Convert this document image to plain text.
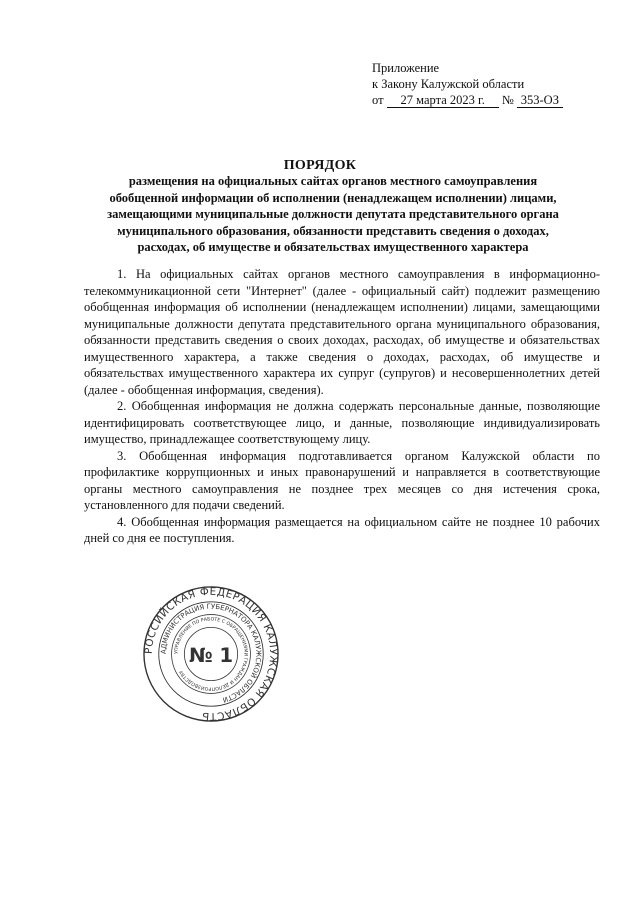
Приложение
к Закону Калужской области
от 27 марта 2023 г. № 353-ОЗ
ПОРЯДОК
размещения на официальных сайтах органов местного самоуправления обобщенной информации об исполнении (ненадлежащем исполнении) лицами, замещающими муниципальные должности депутата представительного органа муниципального образования, обязанности представить сведения о доходах, расходах, об имуществе и обязательствах имущественного характера

1. На официальных сайтах органов местного самоуправления в информационно-телекоммуникационной сети "Интернет" (далее - официальный сайт) подлежит размещению обобщенная информация об исполнении (ненадлежащем исполнении) лицами, замещающими муниципальные должности депутата представительного органа муниципального образования, обязанности представить сведения о своих доходах, расходах, об имуществе и обязательствах имущественного характера, а также сведения о доходах, расходах, об имуществе и обязательствах имущественного характера их супруг (супругов) и несовершеннолетних детей (далее - обобщенная информация, сведения).

2. Обобщенная информация не должна содержать персональные данные, позволяющие идентифицировать соответствующее лицо, и данные, позволяющие индивидуализировать имущество, принадлежащее соответствующему лицу.

3. Обобщенная информация подготавливается органом Калужской области по профилактике коррупционных и иных правонарушений и направляется в соответствующие органы местного самоуправления не позднее трех месяцев со дня истечения срока, установленного для подачи сведений.

4. Обобщенная информация размещается на официальном сайте не позднее 10 рабочих дней со дня ее поступления.

РОССИЙСКАЯ ФЕДЕРАЦИЯ КАЛУЖСКАЯ ОБЛАСТЬ
АДМИНИСТРАЦИЯ ГУБЕРНАТОРА КАЛУЖСКОЙ ОБЛАСТИ
УПРАВЛЕНИЕ ПО РАБОТЕ С ОБРАЩЕНИЯМИ ГРАЖДАН И ДЕЛОПРОИЗВОДСТВУ
№ 1
